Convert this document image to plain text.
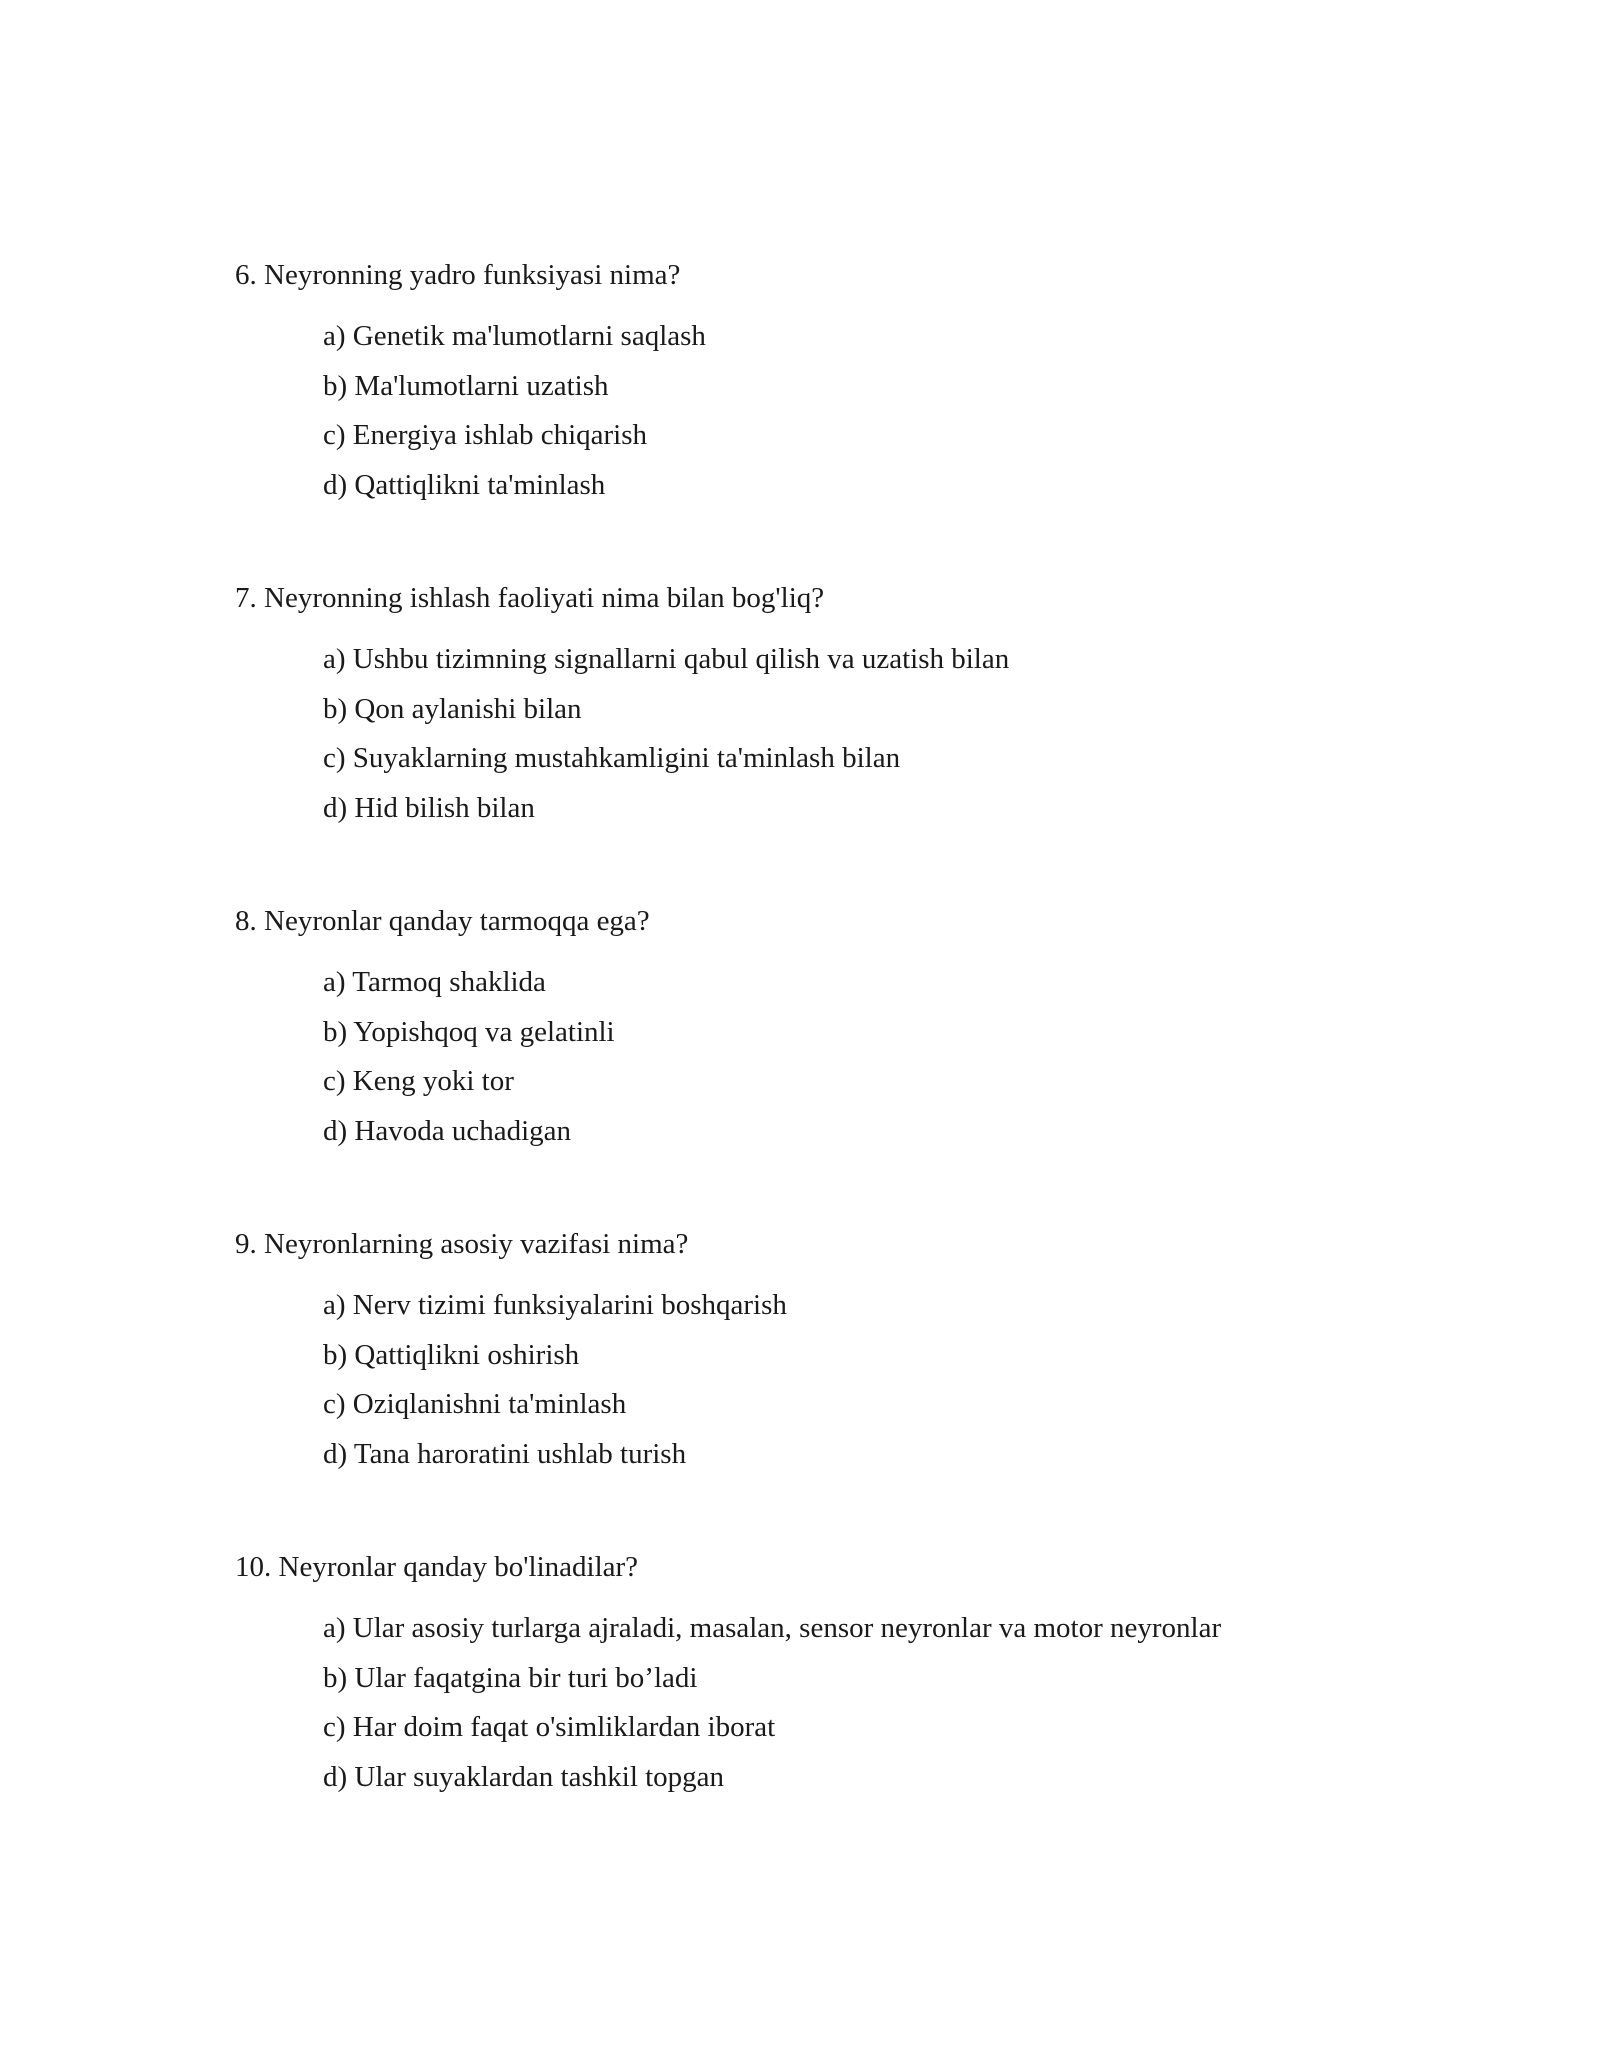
6. Neyronning yadro funksiyasi nima?
a) Genetik ma'lumotlarni saqlash
b) Ma'lumotlarni uzatish
c) Energiya ishlab chiqarish
d) Qattiqlikni ta'minlash
7. Neyronning ishlash faoliyati nima bilan bog'liq?
a) Ushbu tizimning signallarni qabul qilish va uzatish bilan
b) Qon aylanishi bilan
c) Suyaklarning mustahkamligini ta'minlash bilan
d) Hid bilish bilan
8. Neyronlar qanday tarmoqqa ega?
a) Tarmoq shaklida
b) Yopishqoq va gelatinli
c) Keng yoki tor
d) Havoda uchadigan
9. Neyronlarning asosiy vazifasi nima?
a) Nerv tizimi funksiyalarini boshqarish
b) Qattiqlikni oshirish
c) Oziqlanishni ta'minlash
d) Tana haroratini ushlab turish
10. Neyronlar qanday bo'linadilar?
a) Ular asosiy turlarga ajraladi, masalan, sensor neyronlar va motor neyronlar
b) Ular faqatgina bir turi bo’ladi
c) Har doim faqat o'simliklardan iborat
d) Ular suyaklardan tashkil topgan
